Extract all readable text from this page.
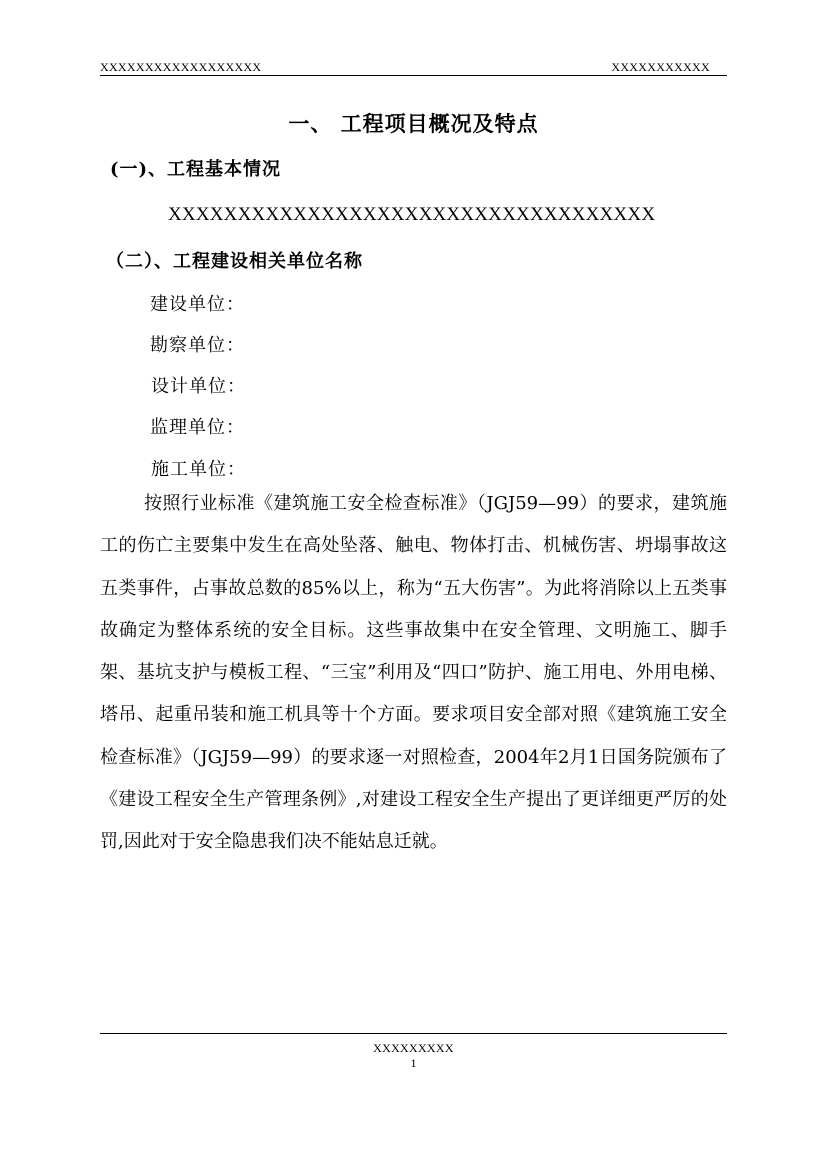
XXXXXXXXXXXXXXXXXX	XXXXXXXXXXX
一、 工程项目概况及特点
(一)、工程基本情况
XXXXXXXXXXXXXXXXXXXXXXXXXXXXXXXXXXX
（二）、工程建设相关单位名称
建设单位：
勘察单位：
设计单位：
监理单位：
施工单位：
按照行业标准《建筑施工安全检查标准》（JGJ59—99）的要求，建筑施工的伤亡主要集中发生在高处坠落、触电、物体打击、机械伤害、坍塌事故这五类事件，占事故总数的85%以上，称为“五大伤害”。为此将消除以上五类事故确定为整体系统的安全目标。这些事故集中在安全管理、文明施工、脚手架、基坑支护与模板工程、“三宝”利用及“四口”防护、施工用电、外用电梯、塔吊、起重吊装和施工机具等十个方面。要求项目安全部对照《建筑施工安全检查标准》（JGJ59—99）的要求逐一对照检查，2004年2月1日国务院颁布了《建设工程安全生产管理条例》,对建设工程安全生产提出了更详细更严厉的处罚,因此对于安全隐患我们决不能姑息迁就。
XXXXXXXXX
1
